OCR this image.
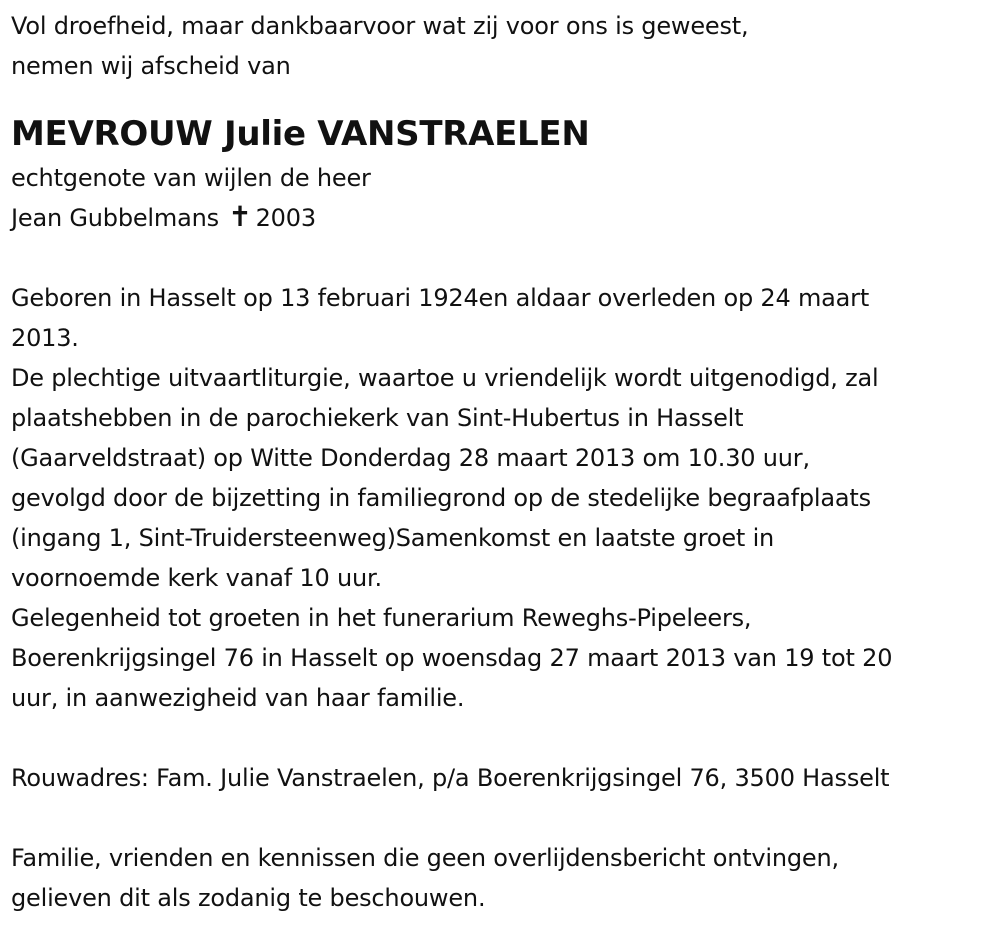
Vol droefheid, maar dankbaarvoor wat zij voor ons is geweest,

nemen wij afscheid van

MEVROUW Julie VANSTRAELEN

echtgenote van wijlen de heer

Jean Gubbelmans ✝ 2003

Geboren in Hasselt op 13 februari 1924en aldaar overleden op 24 maart

2013.

De plechtige uitvaartliturgie, waartoe u vriendelijk wordt uitgenodigd, zal

plaatshebben in de parochiekerk van Sint-Hubertus in Hasselt

(Gaarveldstraat) op Witte Donderdag 28 maart 2013 om 10.30 uur,

gevolgd door de bijzetting in familiegrond op de stedelijke begraafplaats

(ingang 1, Sint-Truidersteenweg)Samenkomst en laatste groet in

voornoemde kerk vanaf 10 uur.

Gelegenheid tot groeten in het funerarium Reweghs-Pipeleers,

Boerenkrijgsingel 76 in Hasselt op woensdag 27 maart 2013 van 19 tot 20

uur, in aanwezigheid van haar familie.

Rouwadres: Fam. Julie Vanstraelen, p/a Boerenkrijgsingel 76, 3500 Hasselt

Familie, vrienden en kennissen die geen overlijdensbericht ontvingen,

gelieven dit als zodanig te beschouwen.
